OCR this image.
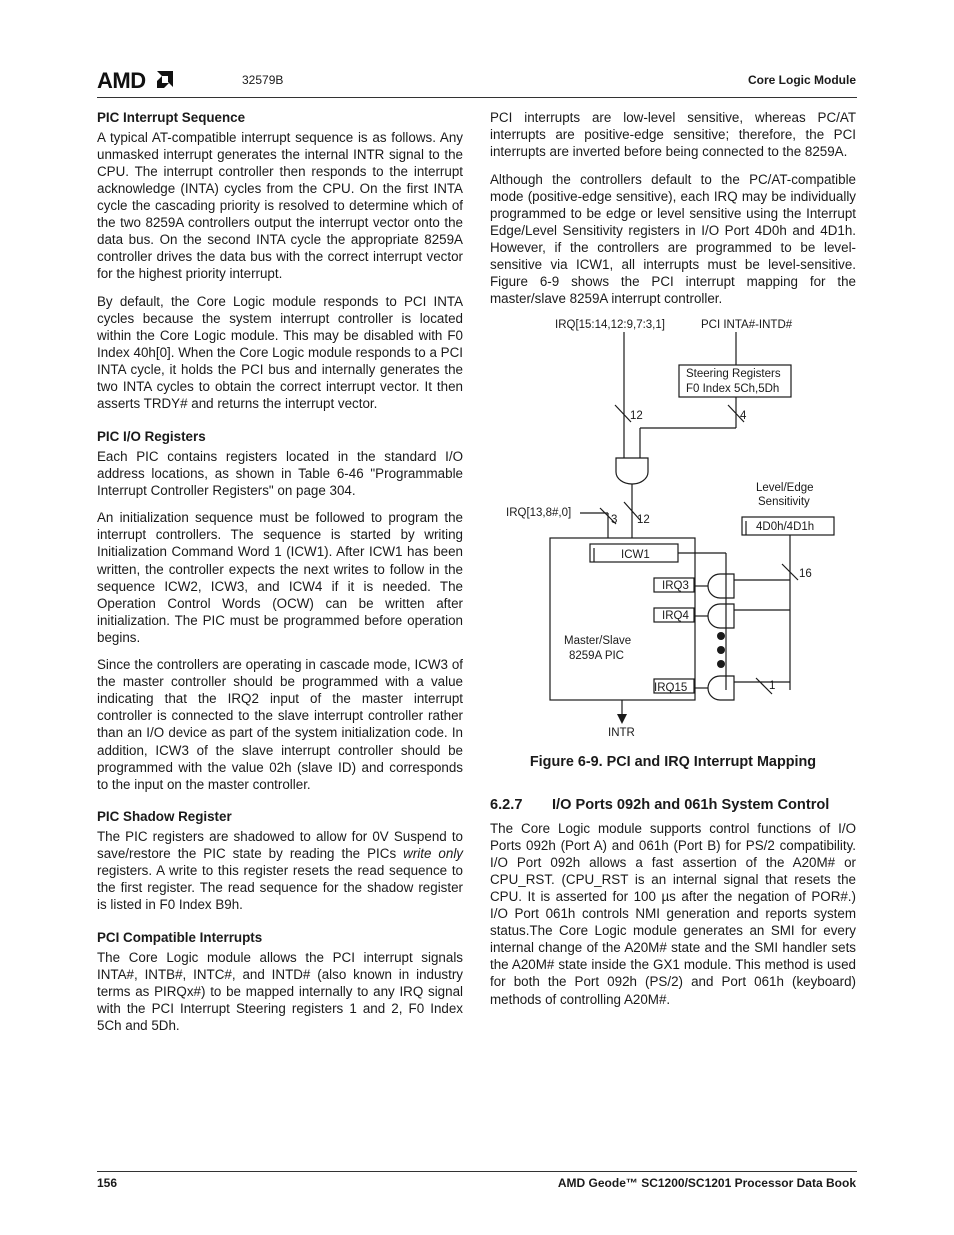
AMD	32579B	Core Logic Module
PIC Interrupt Sequence

A typical AT-compatible interrupt sequence is as follows. Any unmasked interrupt generates the internal INTR signal to the CPU. The interrupt controller then responds to the interrupt acknowledge (INTA) cycles from the CPU. On the first INTA cycle the cascading priority is resolved to determine which of the two 8259A controllers output the interrupt vector onto the data bus. On the second INTA cycle the appropriate 8259A controller drives the data bus with the correct interrupt vector for the highest priority interrupt.

By default, the Core Logic module responds to PCI INTA cycles because the system interrupt controller is located within the Core Logic module. This may be disabled with F0 Index 40h[0]. When the Core Logic module responds to a PCI INTA cycle, it holds the PCI bus and internally generates the two INTA cycles to obtain the correct interrupt vector. It then asserts TRDY# and returns the interrupt vector.

PIC I/O Registers

Each PIC contains registers located in the standard I/O address locations, as shown in Table 6-46 "Programmable Interrupt Controller Registers" on page 304.

An initialization sequence must be followed to program the interrupt controllers. The sequence is started by writing Initialization Command Word 1 (ICW1). After ICW1 has been written, the controller expects the next writes to follow in the sequence ICW2, ICW3, and ICW4 if it is needed. The Operation Control Words (OCW) can be written after initialization. The PIC must be programmed before operation begins.

Since the controllers are operating in cascade mode, ICW3 of the master controller should be programmed with a value indicating that the IRQ2 input of the master interrupt controller is connected to the slave interrupt controller rather than an I/O device as part of the system initialization code. In addition, ICW3 of the slave interrupt controller should be programmed with the value 02h (slave ID) and corresponds to the input on the master controller.

PIC Shadow Register

The PIC registers are shadowed to allow for 0V Suspend to save/restore the PIC state by reading the PICs write only registers. A write to this register resets the read sequence to the first register. The read sequence for the shadow register is listed in F0 Index B9h.

PCI Compatible Interrupts

The Core Logic module allows the PCI interrupt signals INTA#, INTB#, INTC#, and INTD# (also known in industry terms as PIRQx#) to be mapped internally to any IRQ signal with the PCI Interrupt Steering registers 1 and 2, F0 Index 5Ch and 5Dh.

PCI interrupts are low-level sensitive, whereas PC/AT interrupts are positive-edge sensitive; therefore, the PCI interrupts are inverted before being connected to the 8259A.

Although the controllers default to the PC/AT-compatible mode (positive-edge sensitive), each IRQ may be individually programmed to be edge or level sensitive using the Interrupt Edge/Level Sensitivity registers in I/O Port 4D0h and 4D1h. However, if the controllers are programmed to be level-sensitive via ICW1, all interrupts must be level-sensitive. Figure 6-9 shows the PCI interrupt mapping for the master/slave 8259A interrupt controller.

IRQ[15:14,12:9,7:3,1]	PCI INTA#-INTD#
Steering Registers
F0 Index 5Ch,5Dh
12	4
IRQ[13,8#,0]
3 12
Level/Edge
Sensitivity
4D0h/4D1h
ICW1
IRQ3
IRQ4
IRQ15
16
1
Master/Slave
8259A PIC
INTR
Figure 6-9. PCI and IRQ Interrupt Mapping
6.2.7 I/O Ports 092h and 061h System Control

The Core Logic module supports control functions of I/O Ports 092h (Port A) and 061h (Port B) for PS/2 compatibility. I/O Port 092h allows a fast assertion of the A20M# or CPU_RST. (CPU_RST is an internal signal that resets the CPU. It is asserted for 100 µs after the negation of POR#.) I/O Port 061h controls NMI generation and reports system status.The Core Logic module generates an SMI for every internal change of the A20M# state and the SMI handler sets the A20M# state inside the GX1 module. This method is used for both the Port 092h (PS/2) and Port 061h (keyboard) methods of controlling A20M#.

156	AMD Geode™ SC1200/SC1201 Processor Data Book
